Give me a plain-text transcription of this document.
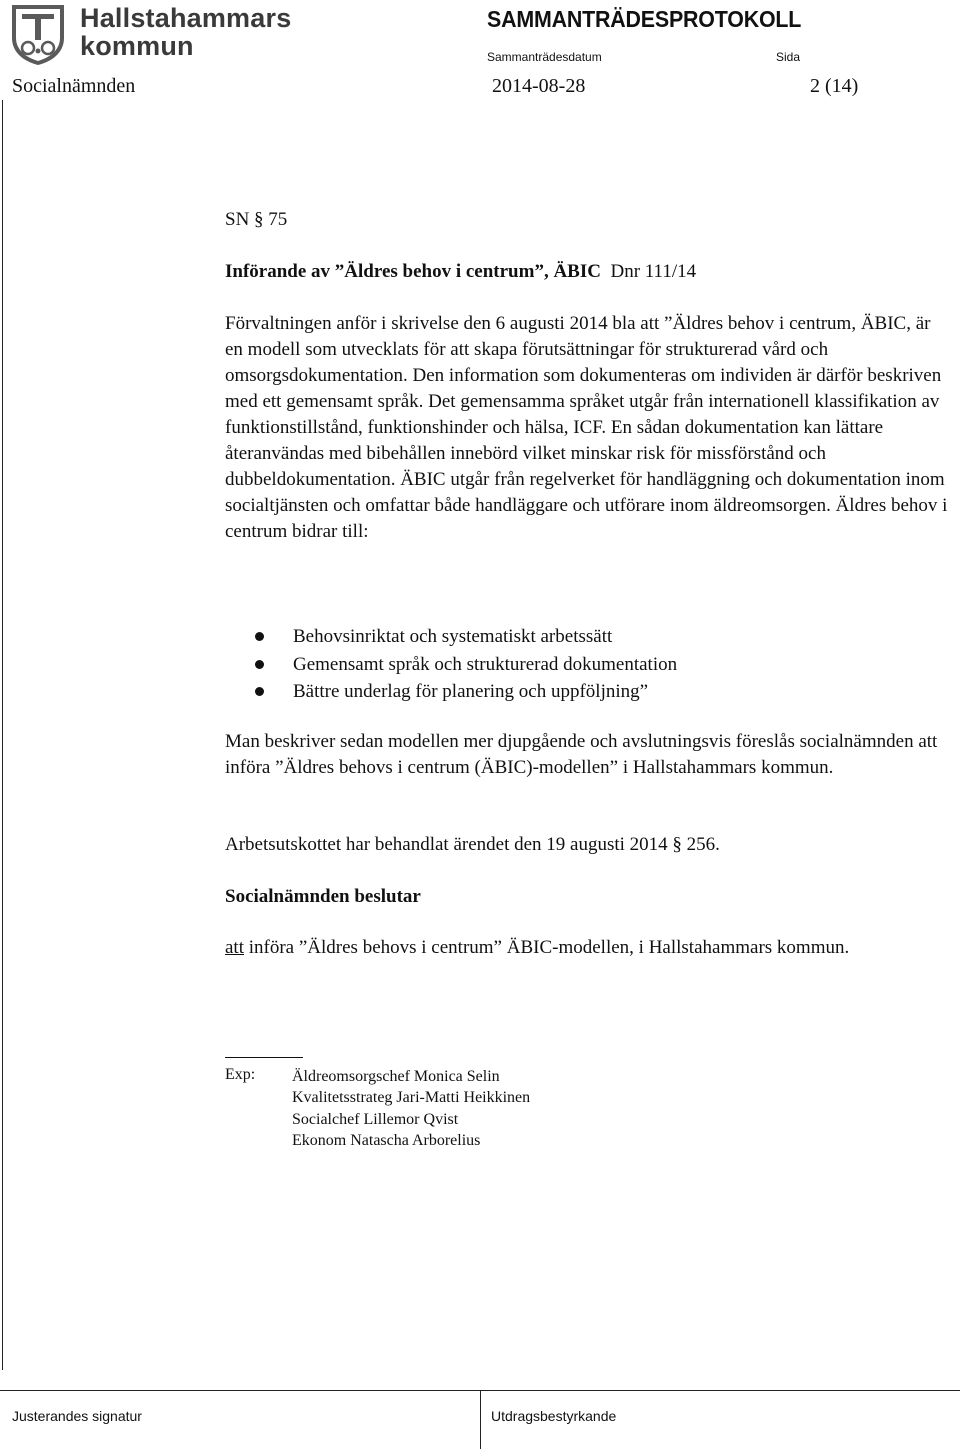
Hallstahammars
kommun
SAMMANTRÄDESPROTOKOLL
Sammanträdesdatum	Sida
Socialnämnden	2014-08-28	2 (14)

SN § 75

Införande av ”Äldres behov i centrum”, ÄBIC Dnr 111/14

Förvaltningen anför i skrivelse den 6 augusti 2014 bla att ”Äldres behov i centrum, ÄBIC, är en modell som utvecklats för att skapa förutsättningar för strukturerad vård och omsorgsdokumentation. Den information som dokumenteras om individen är därför beskriven med ett gemensamt språk. Det gemensamma språket utgår från internationell klassifikation av funktionstillstånd, funktionshinder och hälsa, ICF. En sådan dokumentation kan lättare återanvändas med bibehållen innebörd vilket minskar risk för missförstånd och dubbeldokumentation. ÄBIC utgår från regelverket för handläggning och dokumentation inom socialtjänsten och omfattar både handläggare och utförare inom äldreomsorgen. Äldres behov i centrum bidrar till:

Behovsinriktat och systematiskt arbetssätt
Gemensamt språk och strukturerad dokumentation
Bättre underlag för planering och uppföljning”

Man beskriver sedan modellen mer djupgående och avslutningsvis föreslås socialnämnden att införa ”Äldres behovs i centrum (ÄBIC)-modellen” i Hallstahammars kommun.

Arbetsutskottet har behandlat ärendet den 19 augusti 2014 § 256.

Socialnämnden beslutar

att införa ”Äldres behovs i centrum” ÄBIC-modellen, i Hallstahammars kommun.

Exp: Äldreomsorgschef Monica Selin
Kvalitetsstrateg Jari-Matti Heikkinen
Socialchef Lillemor Qvist
Ekonom Natascha Arborelius
Justerandes signatur	Utdragsbestyrkande
